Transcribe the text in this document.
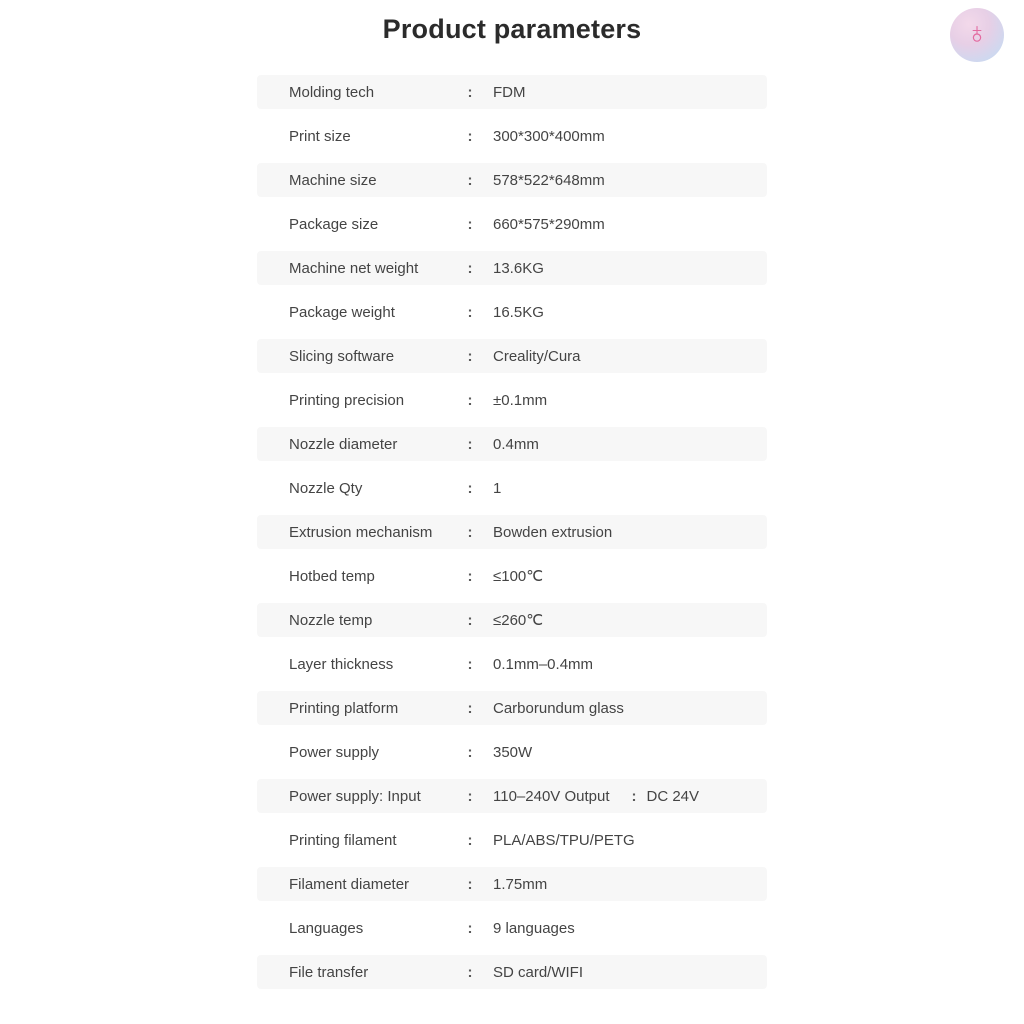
Product parameters	♁
Molding tech	:	FDM
Print size	:	300*300*400mm
Machine size	:	578*522*648mm
Package size	:	660*575*290mm
Machine net weight	:	13.6KG
Package weight	:	16.5KG
Slicing software	:	Creality/Cura
Printing precision	:	±0.1mm
Nozzle diameter	:	0.4mm
Nozzle Qty	:	1
Extrusion mechanism	:	Bowden extrusion
Hotbed temp	:	≤100℃
Nozzle temp	:	≤260℃
Layer thickness	:	0.1mm–0.4mm
Printing platform	:	Carborundum glass
Power supply	:	350W
Power supply: Input	:	110–240V Output : DC 24V
Printing filament	:	PLA/ABS/TPU/PETG
Filament diameter	:	1.75mm
Languages	:	9 languages
File transfer	:	SD card/WIFI
